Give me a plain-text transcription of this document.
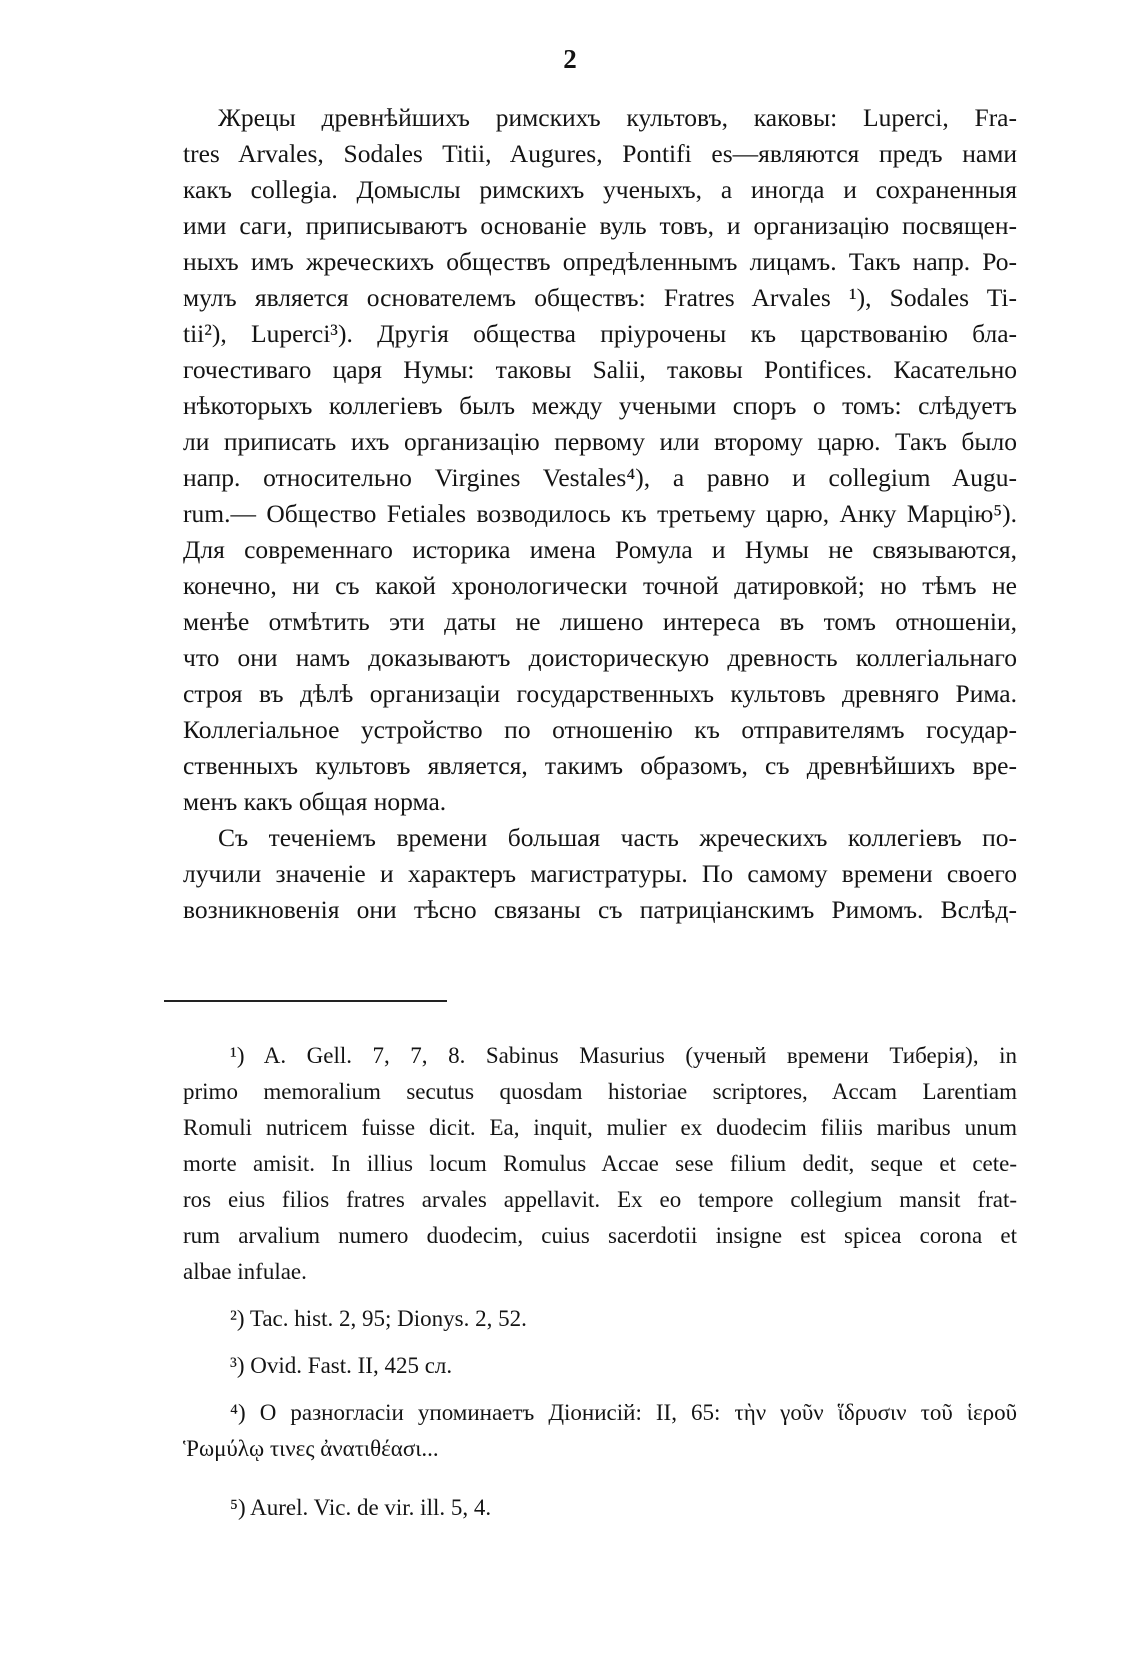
2
Жрецы древнѣйшихъ римскихъ культовъ, каковы: Luperci, Fra-
tres Arvales, Sodales Titii, Augures, Pontifi es—являются предъ нами
какъ collegia. Домыслы римскихъ ученыхъ, а иногда и сохраненныя
ими саги, приписываютъ основаніе вуль товъ, и организацію посвящен-
ныхъ имъ жреческихъ обществъ опредѣленнымъ лицамъ. Такъ напр. Ро-
мулъ является основателемъ обществъ: Fratres Arvales ¹), Sodales Ti-
tii²), Luperci³). Другія общества пріурочены къ царствованію бла-
гочестиваго царя Нумы: таковы Salii, таковы Pontifices. Касательно
нѣкоторыхъ коллегіевъ былъ между учеными споръ о томъ: слѣдуетъ
ли приписать ихъ организацію первому или второму царю. Такъ было
напр. относительно Virgines Vestales⁴), а равно и collegium Augu-
rum.— Общество Fetiales возводилось къ третьему царю, Анку Марцію⁵).
Для современнаго историка имена Ромула и Нумы не связываются,
конечно, ни съ какой хронологически точной датировкой; но тѣмъ не
менѣе отмѣтить эти даты не лишено интереса въ томъ отношеніи,
что они намъ доказываютъ доисторическую древность коллегіальнаго
строя въ дѣлѣ организаціи государственныхъ культовъ древняго Рима.
Коллегіальное устройство по отношенію къ отправителямъ государ-
ственныхъ культовъ является, такимъ образомъ, съ древнѣйшихъ вре-
менъ какъ общая норма.
Съ теченіемъ времени большая часть жреческихъ коллегіевъ по-
лучили значеніе и характеръ магистратуры. По самому времени своего
возникновенія они тѣсно связаны съ патриціанскимъ Римомъ. Вслѣд-
¹) A. Gell. 7, 7, 8. Sabinus Masurius (ученый времени Тиберія), in
primo memoralium secutus quosdam historiae scriptores, Accam Larentiam
Romuli nutricem fuisse dicit. Ea, inquit, mulier ex duodecim filiis maribus unum
morte amisit. In illius locum Romulus Accae sese filium dedit, seque et cete-
ros eius filios fratres arvales appellavit. Ex eo tempore collegium mansit frat-
rum arvalium numero duodecim, cuius sacerdotii insigne est spicea corona et
albae infulae.
²) Tac. hist. 2, 95; Dionys. 2, 52.
³) Ovid. Fast. II, 425 сл.
⁴) О разногласіи упоминаетъ Діонисій: II, 65: τὴν γοῦν ἵδρυσιν τοῦ ἱεροῦ
Ῥωμύλῳ τινες ἀνατιθέασι...
⁵) Aurel. Vic. de vir. ill. 5, 4.
